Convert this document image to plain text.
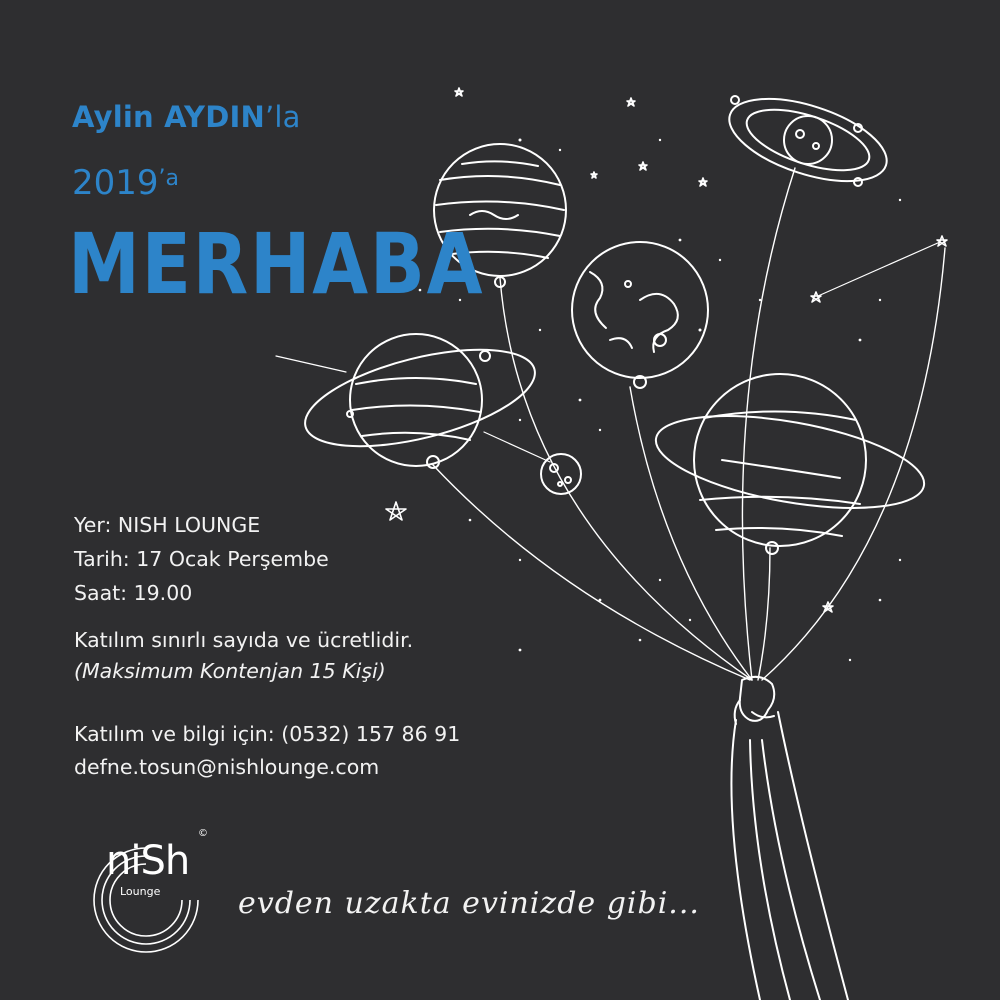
Aylin AYDIN’la
$2019^{’a}$
MERHABA
Yer: NISH LOUNGE
Tarih: 17 Ocak Perşembe
Saat: 19.00
Katılım sınırlı sayıda ve ücretlidir.
(Maksimum Kontenjan 15 Kişi)
Katılım ve bilgi için: (0532) 157 86 91
defne.tosun@nishlounge.com
niSh
Lounge
©
evden uzakta evinizde gibi...
